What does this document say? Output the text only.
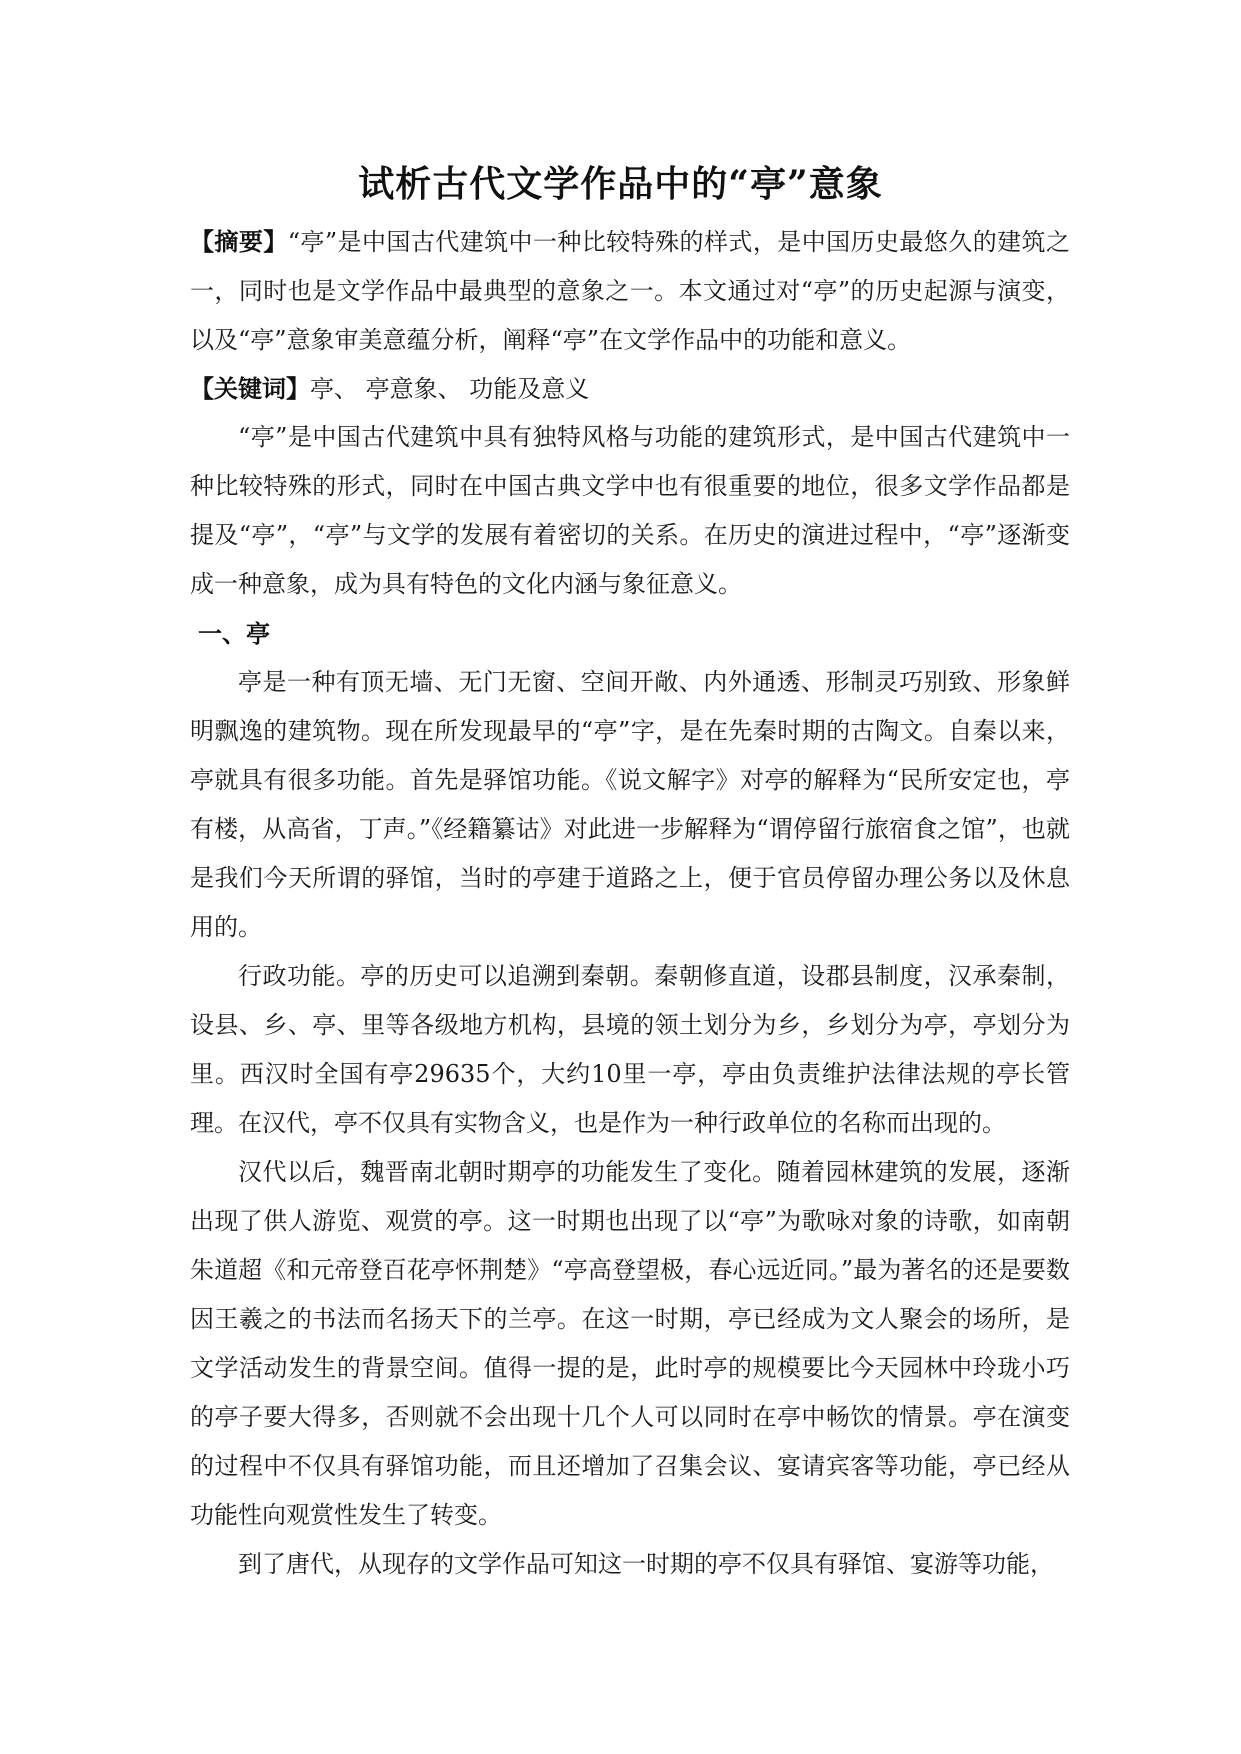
试析古代文学作品中的“亭”意象
【摘要】“亭”是中国古代建筑中一种比较特殊的样式，是中国历史最悠久的建筑之一，同时也是文学作品中最典型的意象之一。本文通过对“亭”的历史起源与演变，以及“亭”意象审美意蕴分析，阐释“亭”在文学作品中的功能和意义。
【关键词】亭、 亭意象、 功能及意义
“亭”是中国古代建筑中具有独特风格与功能的建筑形式，是中国古代建筑中一种比较特殊的形式，同时在中国古典文学中也有很重要的地位，很多文学作品都是提及“亭”，“亭”与文学的发展有着密切的关系。在历史的演进过程中，“亭”逐渐变成一种意象，成为具有特色的文化内涵与象征意义。
一、亭
亭是一种有顶无墙、无门无窗、空间开敞、内外通透、形制灵巧别致、形象鲜明飘逸的建筑物。现在所发现最早的“亭”字，是在先秦时期的古陶文。自秦以来，亭就具有很多功能。首先是驿馆功能。《说文解字》对亭的解释为“民所安定也，亭有楼，从高省，丁声。”《经籍纂诂》对此进一步解释为“谓停留行旅宿食之馆”，也就是我们今天所谓的驿馆，当时的亭建于道路之上，便于官员停留办理公务以及休息用的。
行政功能。亭的历史可以追溯到秦朝。秦朝修直道，设郡县制度，汉承秦制，设县、乡、亭、里等各级地方机构，县境的领土划分为乡，乡划分为亭，亭划分为里。西汉时全国有亭29635个，大约10里一亭，亭由负责维护法律法规的亭长管理。在汉代，亭不仅具有实物含义，也是作为一种行政单位的名称而出现的。
汉代以后，魏晋南北朝时期亭的功能发生了变化。随着园林建筑的发展，逐渐出现了供人游览、观赏的亭。这一时期也出现了以“亭”为歌咏对象的诗歌，如南朝朱道超《和元帝登百花亭怀荆楚》“亭高登望极，春心远近同。”最为著名的还是要数因王羲之的书法而名扬天下的兰亭。在这一时期，亭已经成为文人聚会的场所，是文学活动发生的背景空间。值得一提的是，此时亭的规模要比今天园林中玲珑小巧的亭子要大得多，否则就不会出现十几个人可以同时在亭中畅饮的情景。亭在演变的过程中不仅具有驿馆功能，而且还增加了召集会议、宴请宾客等功能，亭已经从功能性向观赏性发生了转变。
到了唐代，从现存的文学作品可知这一时期的亭不仅具有驿馆、宴游等功能，
